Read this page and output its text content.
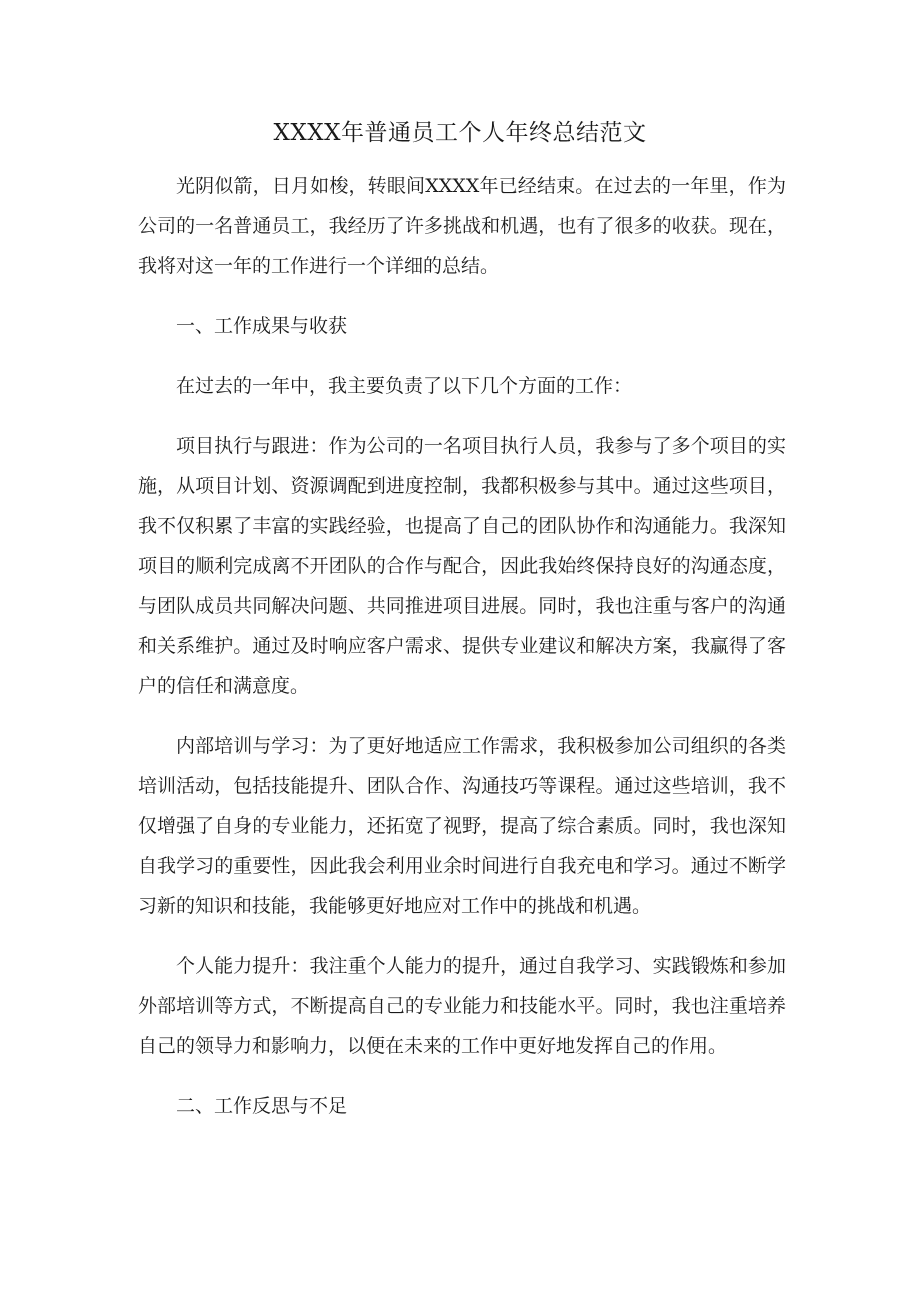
XXXX年普通员工个人年终总结范文

光阴似箭，日月如梭，转眼间XXXX年已经结束。在过去的一年里，作为公司的一名普通员工，我经历了许多挑战和机遇，也有了很多的收获。现在，我将对这一年的工作进行一个详细的总结。

一、工作成果与收获

在过去的一年中，我主要负责了以下几个方面的工作：

项目执行与跟进：作为公司的一名项目执行人员，我参与了多个项目的实施，从项目计划、资源调配到进度控制，我都积极参与其中。通过这些项目，我不仅积累了丰富的实践经验，也提高了自己的团队协作和沟通能力。我深知项目的顺利完成离不开团队的合作与配合，因此我始终保持良好的沟通态度，与团队成员共同解决问题、共同推进项目进展。同时，我也注重与客户的沟通和关系维护。通过及时响应客户需求、提供专业建议和解决方案，我赢得了客户的信任和满意度。

内部培训与学习：为了更好地适应工作需求，我积极参加公司组织的各类培训活动，包括技能提升、团队合作、沟通技巧等课程。通过这些培训，我不仅增强了自身的专业能力，还拓宽了视野，提高了综合素质。同时，我也深知自我学习的重要性，因此我会利用业余时间进行自我充电和学习。通过不断学习新的知识和技能，我能够更好地应对工作中的挑战和机遇。

个人能力提升：我注重个人能力的提升，通过自我学习、实践锻炼和参加外部培训等方式，不断提高自己的专业能力和技能水平。同时，我也注重培养自己的领导力和影响力，以便在未来的工作中更好地发挥自己的作用。

二、工作反思与不足
